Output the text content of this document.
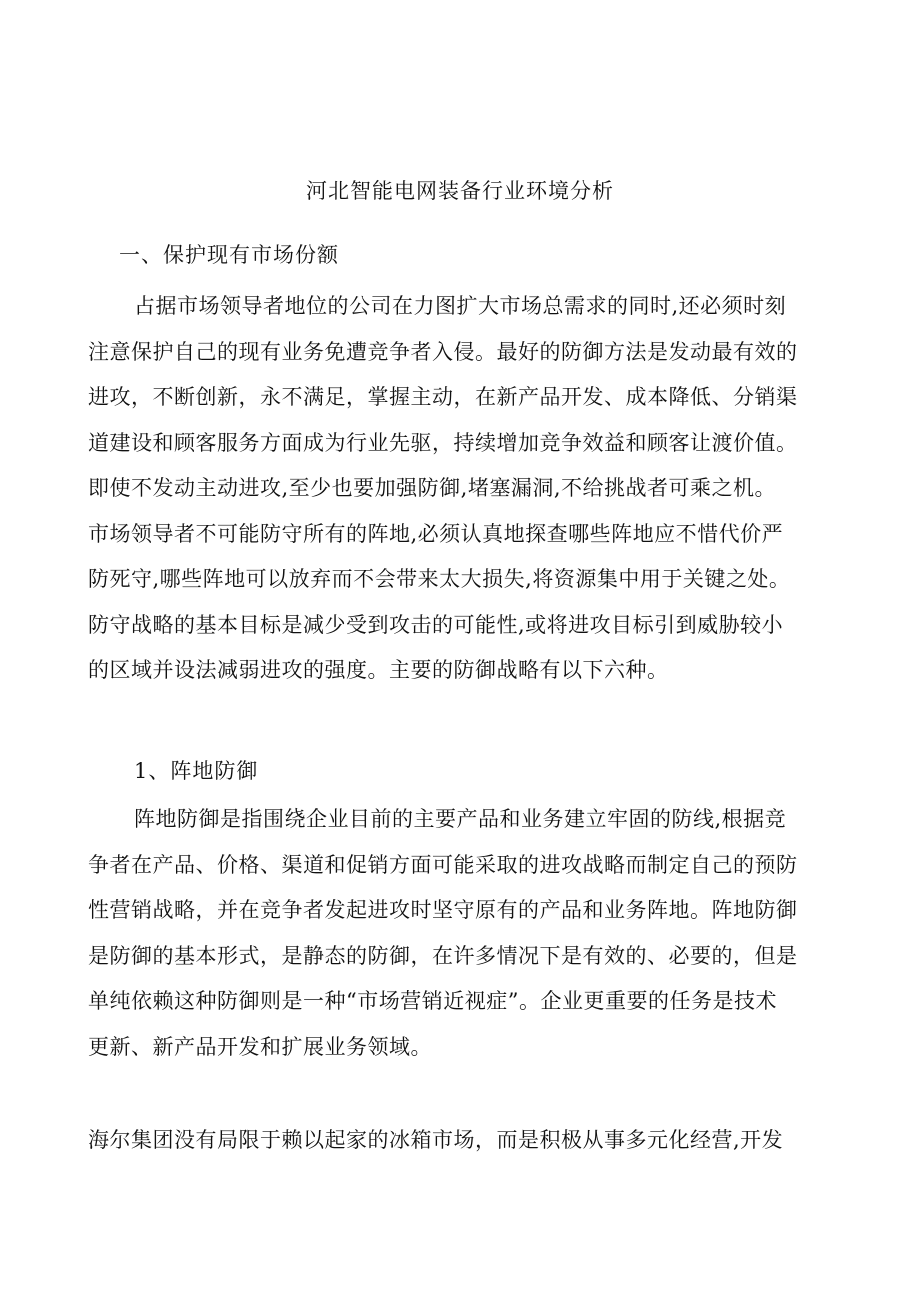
河北智能电网装备行业环境分析
一、保护现有市场份额
占据市场领导者地位的公司在力图扩大市场总需求的同时,还必须时刻
注意保护自己的现有业务免遭竞争者入侵。最好的防御方法是发动最有效的
进攻，不断创新，永不满足，掌握主动，在新产品开发、成本降低、分销渠
道建设和顾客服务方面成为行业先驱，持续增加竞争效益和顾客让渡价值。
即使不发动主动进攻,至少也要加强防御,堵塞漏洞,不给挑战者可乘之机。
市场领导者不可能防守所有的阵地,必须认真地探查哪些阵地应不惜代价严
防死守,哪些阵地可以放弃而不会带来太大损失,将资源集中用于关键之处。
防守战略的基本目标是减少受到攻击的可能性,或将进攻目标引到威胁较小
的区域并设法减弱进攻的强度。主要的防御战略有以下六种。
1、阵地防御
阵地防御是指围绕企业目前的主要产品和业务建立牢固的防线,根据竞
争者在产品、价格、渠道和促销方面可能采取的进攻战略而制定自己的预防
性营销战略，并在竞争者发起进攻时坚守原有的产品和业务阵地。阵地防御
是防御的基本形式，是静态的防御，在许多情况下是有效的、必要的，但是
单纯依赖这种防御则是一种“市场营销近视症”。企业更重要的任务是技术
更新、新产品开发和扩展业务领域。
海尔集团没有局限于赖以起家的冰箱市场，而是积极从事多元化经营,开发
